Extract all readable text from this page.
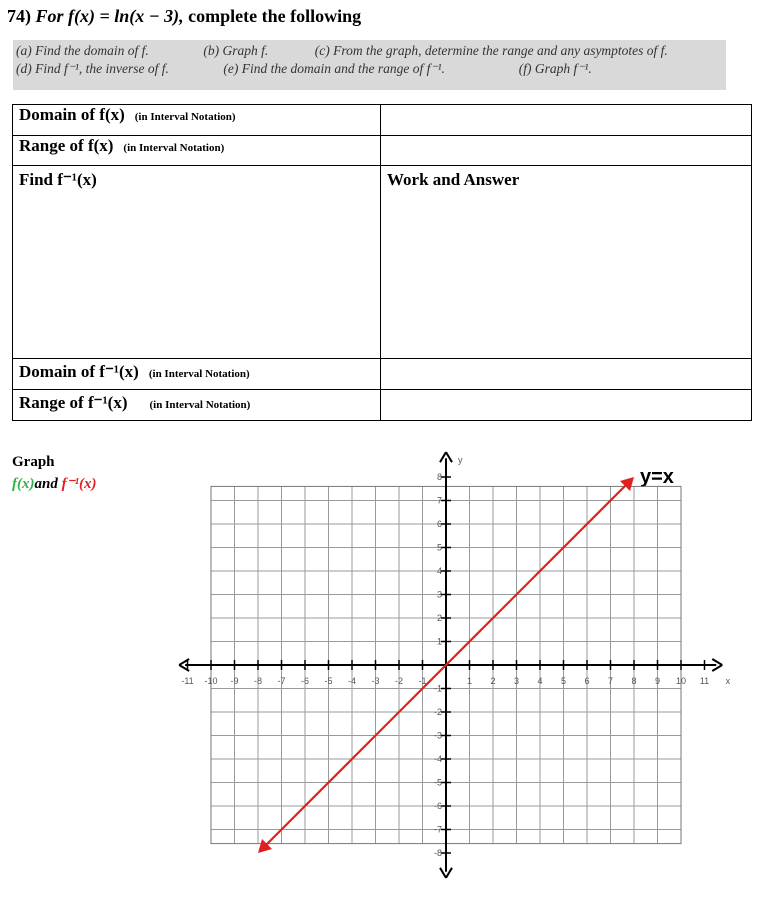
74) For f(x) = ln(x − 3), complete the following
(a) Find the domain of f.	(b) Graph f.	(c) From the graph, determine the range and any asymptotes of f.
(d) Find f⁻¹, the inverse of f.	(e) Find the domain and the range of f⁻¹.	(f) Graph f⁻¹.
Domain of f(x) (in Interval Notation)	
Range of f(x) (in Interval Notation)	
Find f⁻¹(x)	Work and Answer
Domain of f⁻¹(x) (in Interval Notation)	
Range of f⁻¹(x) (in Interval Notation)	
Graph
f(x)and f⁻¹(x)	y=x
-11 -10 -9 -8 -7 -6 -5 -4 -3 -2 -1	1 2 3 4 5 6 7 8 9 10 11
-8
-7
-6
-5
-4
-3
-2
-1
1
2
3
4
5
6
7
8
x
y
